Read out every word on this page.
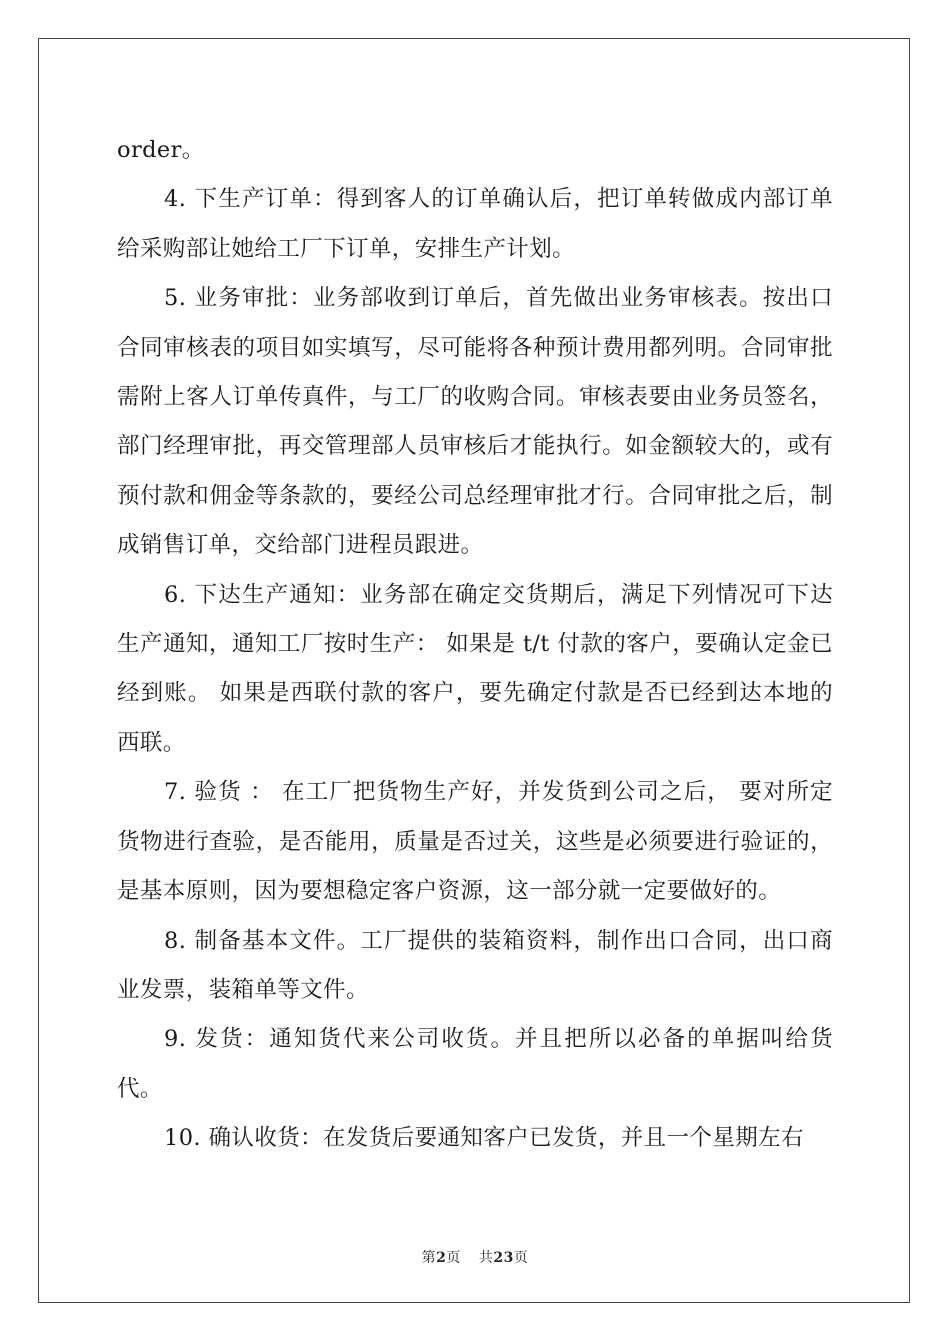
order。

4. 下生产订单：得到客人的订单确认后，把订单转做成内部订单给采购部让她给工厂下订单，安排生产计划。

5. 业务审批：业务部收到订单后，首先做出业务审核表。按出口合同审核表的项目如实填写，尽可能将各种预计费用都列明。合同审批需附上客人订单传真件，与工厂的收购合同。审核表要由业务员签名，部门经理审批，再交管理部人员审核后才能执行。如金额较大的，或有预付款和佣金等条款的，要经公司总经理审批才行。合同审批之后，制成销售订单，交给部门进程员跟进。

6. 下达生产通知：业务部在确定交货期后，满足下列情况可下达生产通知，通知工厂按时生产： 如果是 t/t 付款的客户，要确认定金已经到账。 如果是西联付款的客户，要先确定付款是否已经到达本地的西联。

7. 验货 ： 在工厂把货物生产好，并发货到公司之后， 要对所定货物进行查验，是否能用，质量是否过关，这些是必须要进行验证的，是基本原则，因为要想稳定客户资源，这一部分就一定要做好的。

8. 制备基本文件。工厂提供的装箱资料，制作出口合同，出口商业发票，装箱单等文件。

9. 发货：通知货代来公司收货。并且把所以必备的单据叫给货代。

10. 确认收货：在发货后要通知客户已发货，并且一个星期左右

第2页 共23页
